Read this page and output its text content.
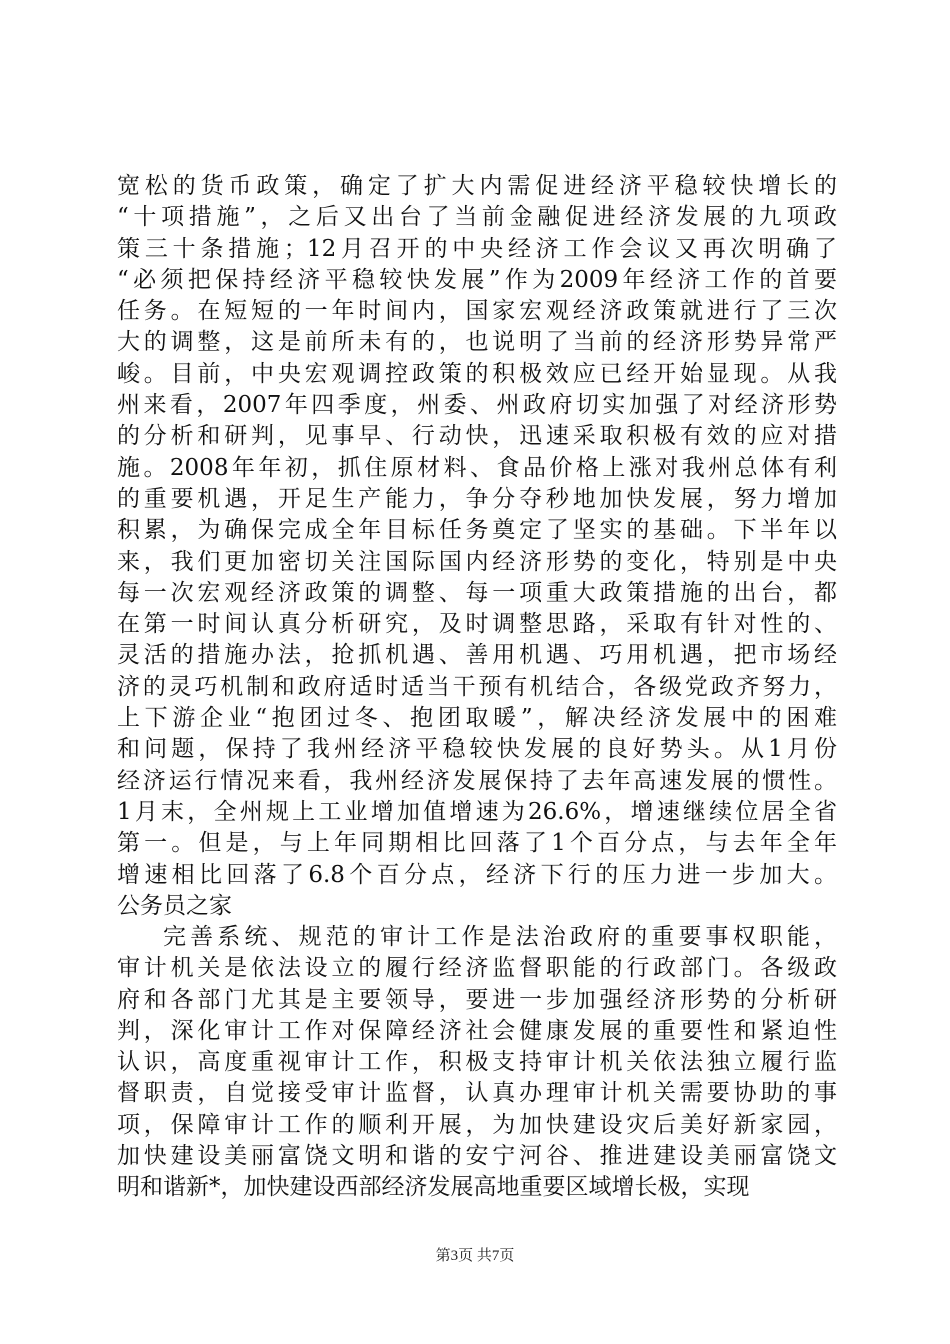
宽松的货币政策，确定了扩大内需促进经济平稳较快增长的
“十项措施”，之后又出台了当前金融促进经济发展的九项政
策三十条措施；12月召开的中央经济工作会议又再次明确了
“必须把保持经济平稳较快发展”作为2009年经济工作的首要
任务。在短短的一年时间内，国家宏观经济政策就进行了三次
大的调整，这是前所未有的，也说明了当前的经济形势异常严
峻。目前，中央宏观调控政策的积极效应已经开始显现。从我
州来看，2007年四季度，州委、州政府切实加强了对经济形势
的分析和研判，见事早、行动快，迅速采取积极有效的应对措
施。2008年年初，抓住原材料、食品价格上涨对我州总体有利
的重要机遇，开足生产能力，争分夺秒地加快发展，努力增加
积累，为确保完成全年目标任务奠定了坚实的基础。下半年以
来，我们更加密切关注国际国内经济形势的变化，特别是中央
每一次宏观经济政策的调整、每一项重大政策措施的出台，都
在第一时间认真分析研究，及时调整思路，采取有针对性的、
灵活的措施办法，抢抓机遇、善用机遇、巧用机遇，把市场经
济的灵巧机制和政府适时适当干预有机结合，各级党政齐努力，
上下游企业“抱团过冬、抱团取暖”，解决经济发展中的困难
和问题，保持了我州经济平稳较快发展的良好势头。从1月份
经济运行情况来看，我州经济发展保持了去年高速发展的惯性。
1月末，全州规上工业增加值增速为26.6%，增速继续位居全省
第一。但是，与上年同期相比回落了1个百分点，与去年全年
增速相比回落了6.8个百分点，经济下行的压力进一步加大。
公务员之家
完善系统、规范的审计工作是法治政府的重要事权职能，
审计机关是依法设立的履行经济监督职能的行政部门。各级政
府和各部门尤其是主要领导，要进一步加强经济形势的分析研
判，深化审计工作对保障经济社会健康发展的重要性和紧迫性
认识，高度重视审计工作，积极支持审计机关依法独立履行监
督职责，自觉接受审计监督，认真办理审计机关需要协助的事
项，保障审计工作的顺利开展，为加快建设灾后美好新家园，
加快建设美丽富饶文明和谐的安宁河谷、推进建设美丽富饶文
明和谐新*，加快建设西部经济发展高地重要区域增长极，实现
第3页 共7页
